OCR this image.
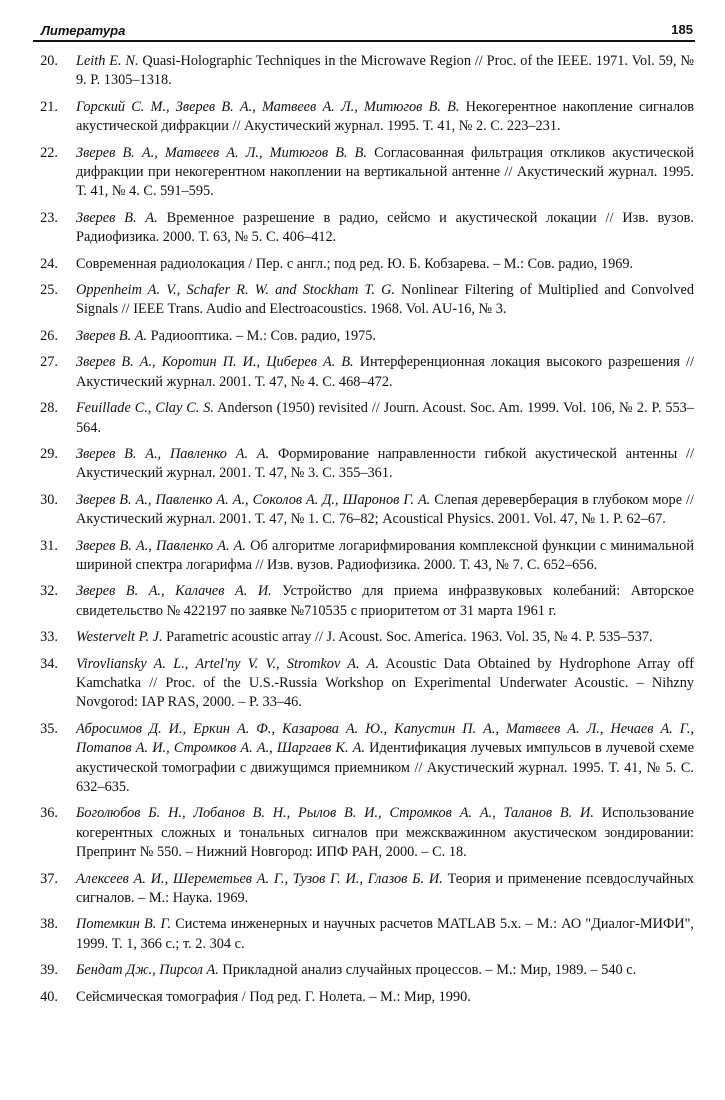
Литература	185
20. Leith E. N. Quasi-Holographic Techniques in the Microwave Region // Proc. of the IEEE. 1971. Vol. 59, № 9. P. 1305–1318.
21. Горский С. М., Зверев В. А., Матвеев А. Л., Митюгов В. В. Некогерентное накопление сигналов акустической дифракции // Акустический журнал. 1995. Т. 41, № 2. С. 223–231.
22. Зверев В. А., Матвеев А. Л., Митюгов В. В. Согласованная фильтрация откликов акустической дифракции при некогерентном накоплении на вертикальной антенне // Акустический журнал. 1995. Т. 41, № 4. С. 591–595.
23. Зверев В. А. Временное разрешение в радио, сейсмо и акустической локации // Изв. вузов. Радиофизика. 2000. Т. 63, № 5. С. 406–412.
24. Современная радиолокация / Пер. с англ.; под ред. Ю. Б. Кобзарева. – М.: Сов. радио, 1969.
25. Oppenheim A. V., Schafer R. W. and Stockham T. G. Nonlinear Filtering of Multiplied and Convolved Signals // IEEE Trans. Audio and Electroacoustics. 1968. Vol. AU-16, № 3.
26. Зверев В. А. Радиооптика. – М.: Сов. радио, 1975.
27. Зверев В. А., Коротин П. И., Циберев А. В. Интерференционная локация высокого разрешения // Акустический журнал. 2001. Т. 47, № 4. С. 468–472.
28. Feuillade C., Clay C. S. Anderson (1950) revisited // Journ. Acoust. Soc. Am. 1999. Vol. 106, № 2. P. 553–564.
29. Зверев В. А., Павленко А. А. Формирование направленности гибкой акустической антенны // Акустический журнал. 2001. Т. 47, № 3. С. 355–361.
30. Зверев В. А., Павленко А. А., Соколов А. Д., Шаронов Г. А. Слепая дереверберация в глубоком море // Акустический журнал. 2001. Т. 47, № 1. С. 76–82; Acoustical Physics. 2001. Vol. 47, № 1. P. 62–67.
31. Зверев В. А., Павленко А. А. Об алгоритме логарифмирования комплексной функции с минимальной шириной спектра логарифма // Изв. вузов. Радиофизика. 2000. Т. 43, № 7. С. 652–656.
32. Зверев В. А., Калачев А. И. Устройство для приема инфразвуковых колебаний: Авторское свидетельство № 422197 по заявке №710535 с приоритетом от 31 марта 1961 г.
33. Westervelt P. J. Parametric acoustic array // J. Acoust. Soc. America. 1963. Vol. 35, № 4. P. 535–537.
34. Virovliansky A. L., Artel'ny V. V., Stromkov A. A. Acoustic Data Obtained by Hydrophone Array off Kamchatka // Proc. of the U.S.-Russia Workshop on Experimental Underwater Acoustic. – Nihzny Novgorod: IAP RAS, 2000. – P. 33–46.
35. Абросимов Д. И., Еркин А. Ф., Казарова А. Ю., Капустин П. А., Матвеев А. Л., Нечаев А. Г., Потапов А. И., Стромков А. А., Шаргаев К. А. Идентификация лучевых импульсов в лучевой схеме акустической томографии с движущимся приемником // Акустический журнал. 1995. Т. 41, № 5. С. 632–635.
36. Боголюбов Б. Н., Лобанов В. Н., Рылов В. И., Стромков А. А., Таланов В. И. Использование когерентных сложных и тональных сигналов при межскважинном акустическом зондировании: Препринт № 550. – Нижний Новгород: ИПФ РАН, 2000. – С. 18.
37. Алексеев А. И., Шереметьев А. Г., Тузов Г. И., Глазов Б. И. Теория и применение псевдослучайных сигналов. – М.: Наука. 1969.
38. Потемкин В. Г. Система инженерных и научных расчетов MATLAB 5.x. – М.: АО "Диалог-МИФИ", 1999. Т. 1, 366 с.; т. 2. 304 с.
39. Бендат Дж., Пирсол А. Прикладной анализ случайных процессов. – М.: Мир, 1989. – 540 с.
40. Сейсмическая томография / Под ред. Г. Нолета. – М.: Мир, 1990.
